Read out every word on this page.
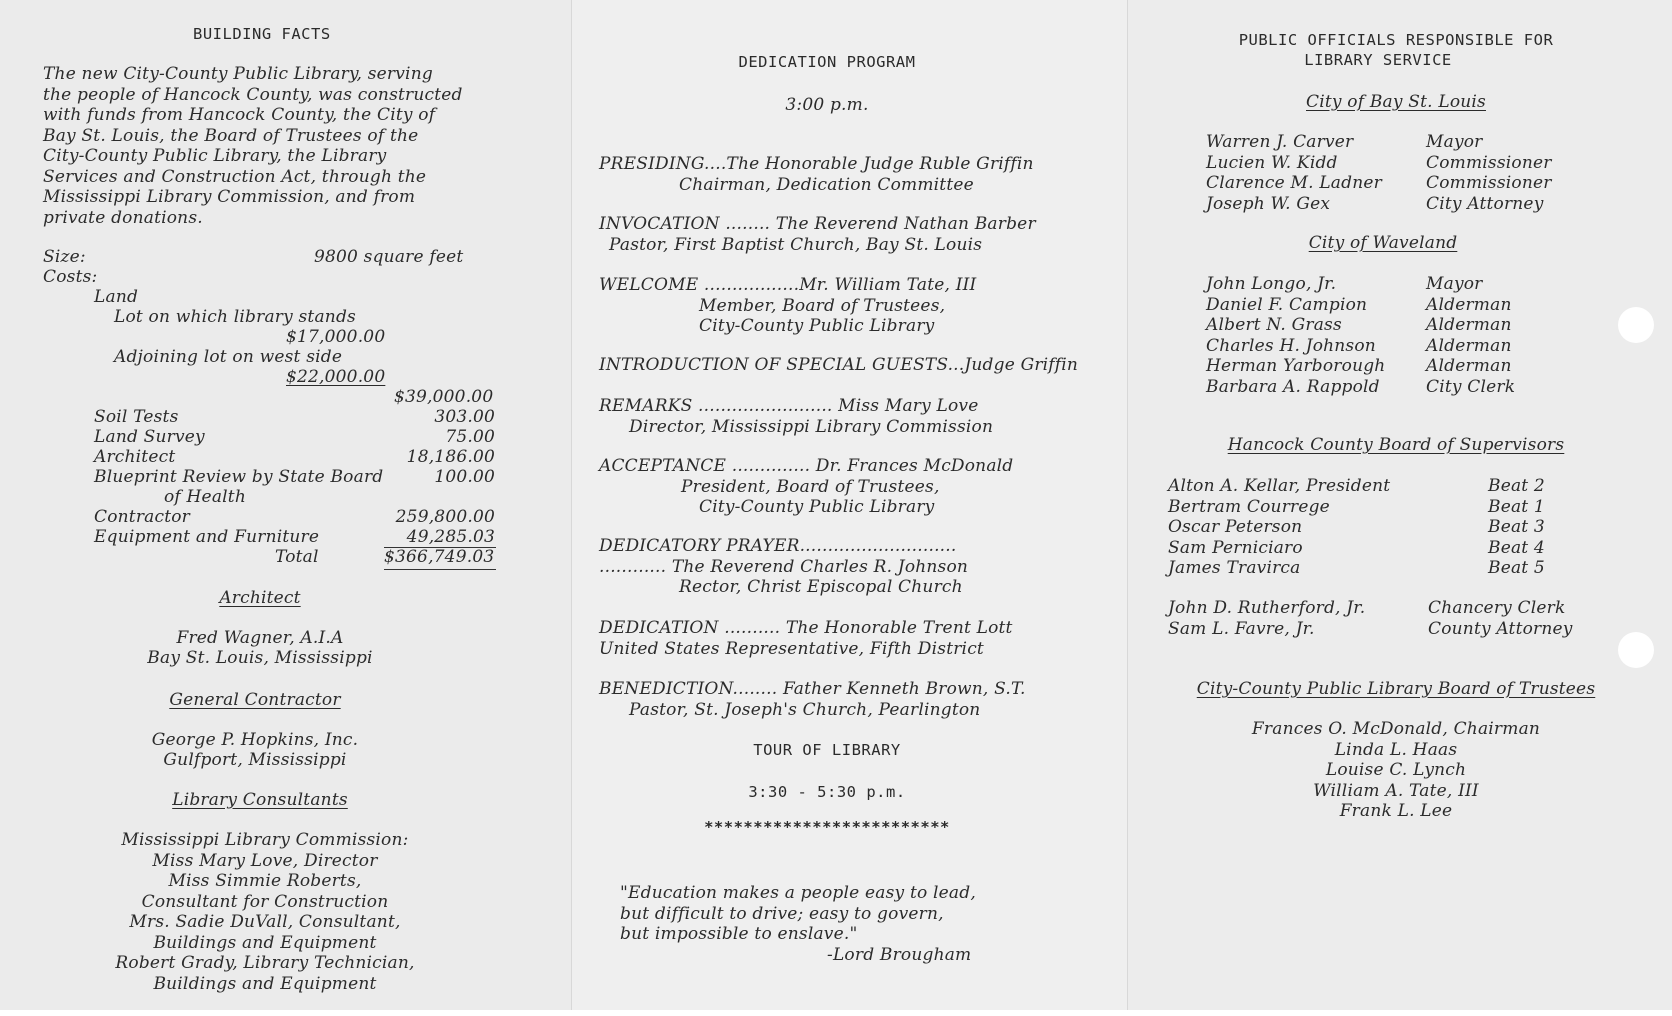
BUILDING FACTS
The new City-County Public Library, serving
the people of Hancock County, was constructed
with funds from Hancock County, the City of
Bay St. Louis, the Board of Trustees of the
City-County Public Library, the Library
Services and Construction Act, through the
Mississippi Library Commission, and from
private donations.
Size:	9800 square feet
Costs:
Land
Lot on which library stands
$17,000.00
Adjoining lot on west side
$22,000.00
$39,000.00
Soil Tests	303.00
Land Survey	75.00
Architect	18,186.00
Blueprint Review by State Board	100.00
of Health
Contractor	259,800.00
Equipment and Furniture	49,285.03
Total	$366,749.03
Architect
Fred Wagner, A.I.A
Bay St. Louis, Mississippi
General Contractor
George P. Hopkins, Inc.
Gulfport, Mississippi
Library Consultants
Mississippi Library Commission:
Miss Mary Love, Director
Miss Simmie Roberts,
Consultant for Construction
Mrs. Sadie DuVall, Consultant,
Buildings and Equipment
Robert Grady, Library Technician,
Buildings and Equipment
DEDICATION PROGRAM
3:00 p.m.
PRESIDING....The Honorable Judge Ruble Griffin
Chairman, Dedication Committee
INVOCATION ........ The Reverend Nathan Barber
Pastor, First Baptist Church, Bay St. Louis
WELCOME .................Mr. William Tate, III
Member, Board of Trustees,
City-County Public Library
INTRODUCTION OF SPECIAL GUESTS...Judge Griffin
REMARKS ........................ Miss Mary Love
Director, Mississippi Library Commission
ACCEPTANCE .............. Dr. Frances McDonald
President, Board of Trustees,
City-County Public Library
DEDICATORY PRAYER............................
............ The Reverend Charles R. Johnson
Rector, Christ Episcopal Church
DEDICATION .......... The Honorable Trent Lott
United States Representative, Fifth District
BENEDICTION........ Father Kenneth Brown, S.T.
Pastor, St. Joseph's Church, Pearlington
TOUR OF LIBRARY
3:30 - 5:30 p.m.
*************************
"Education makes a people easy to lead,
but difficult to drive; easy to govern,
but impossible to enslave."
-Lord Brougham
PUBLIC OFFICIALS RESPONSIBLE FOR
LIBRARY SERVICE
City of Bay St. Louis
Warren J. Carver	Mayor
Lucien W. Kidd	Commissioner
Clarence M. Ladner	Commissioner
Joseph W. Gex	City Attorney
City of Waveland
John Longo, Jr.	Mayor
Daniel F. Campion	Alderman
Albert N. Grass	Alderman
Charles H. Johnson	Alderman
Herman Yarborough	Alderman
Barbara A. Rappold	City Clerk
Hancock County Board of Supervisors
Alton A. Kellar, President	Beat 2
Bertram Courrege	Beat 1
Oscar Peterson	Beat 3
Sam Perniciaro	Beat 4
James Travirca	Beat 5
John D. Rutherford, Jr.	Chancery Clerk
Sam L. Favre, Jr.	County Attorney
City-County Public Library Board of Trustees
Frances O. McDonald, Chairman
Linda L. Haas
Louise C. Lynch
William A. Tate, III
Frank L. Lee
